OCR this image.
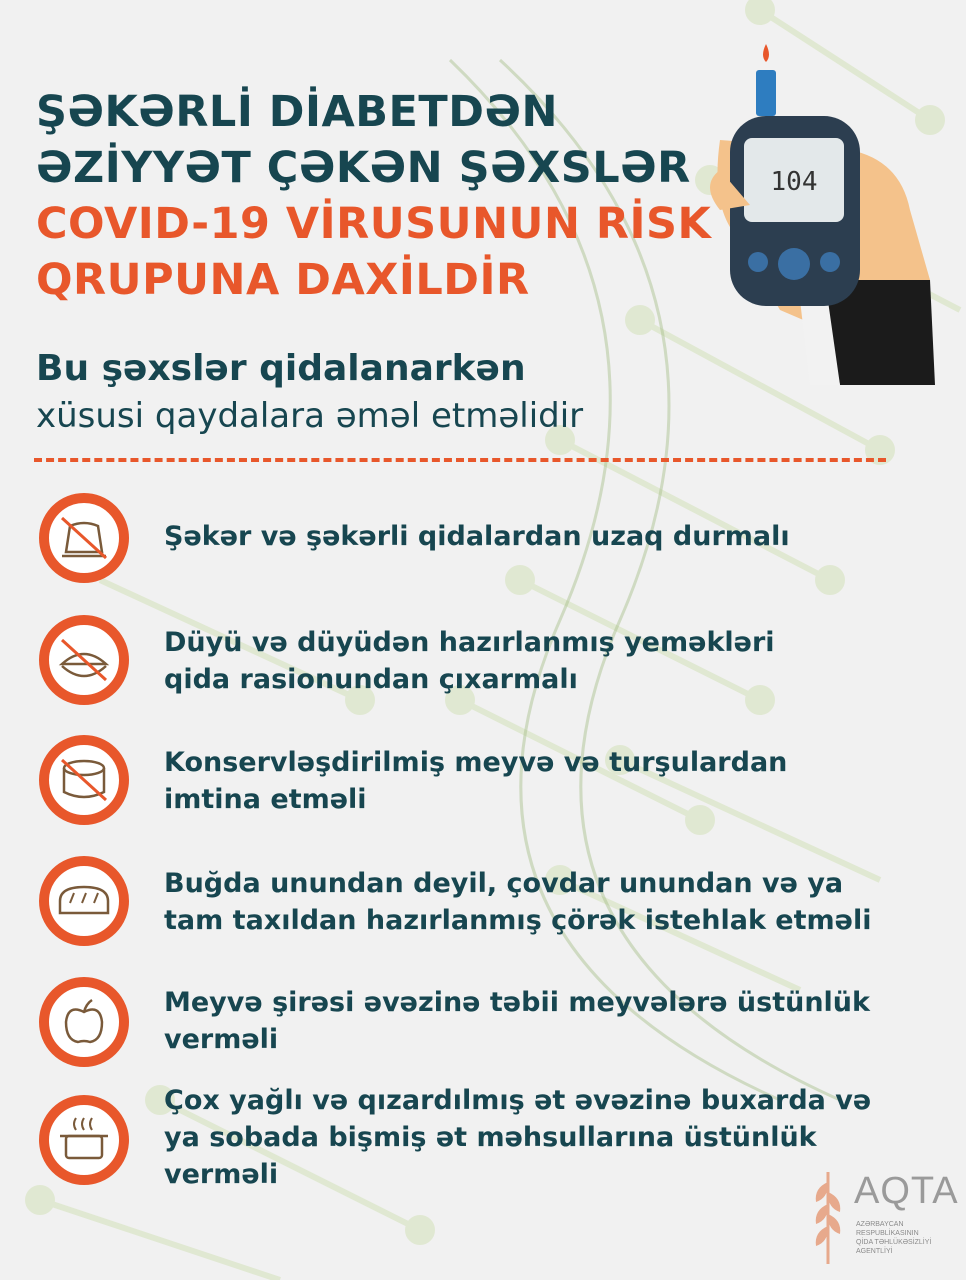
104
ŞƏKƏRLİ DİABETDƏN
ƏZİYYƏT ÇƏKƏN ŞƏXSLƏR
COVID-19 VİRUSUNUN RİSK
QRUPUNA DAXİLDİR
Bu şəxslər qidalanarkən
xüsusi qaydalara əməl etməlidir
Şəkər və şəkərli qidalardan uzaq durmalı
Düyü və düyüdən hazırlanmış yeməkləri
qida rasionundan çıxarmalı
Konservləşdirilmiş meyvə və turşulardan
imtina etməli
Buğda unundan deyil, çovdar unundan və ya
tam taxıldan hazırlanmış çörək istehlak etməli
Meyvə şirəsi əvəzinə təbii meyvələrə üstünlük
verməli
Çox yağlı və qızardılmış ət əvəzinə buxarda və
ya sobada bişmiş ət məhsullarına üstünlük
verməli	AQTA
AZƏRBAYCAN
RESPUBLİKASININ
QİDA TƏHLÜKƏSİZLİYİ
AGENTLİYİ
